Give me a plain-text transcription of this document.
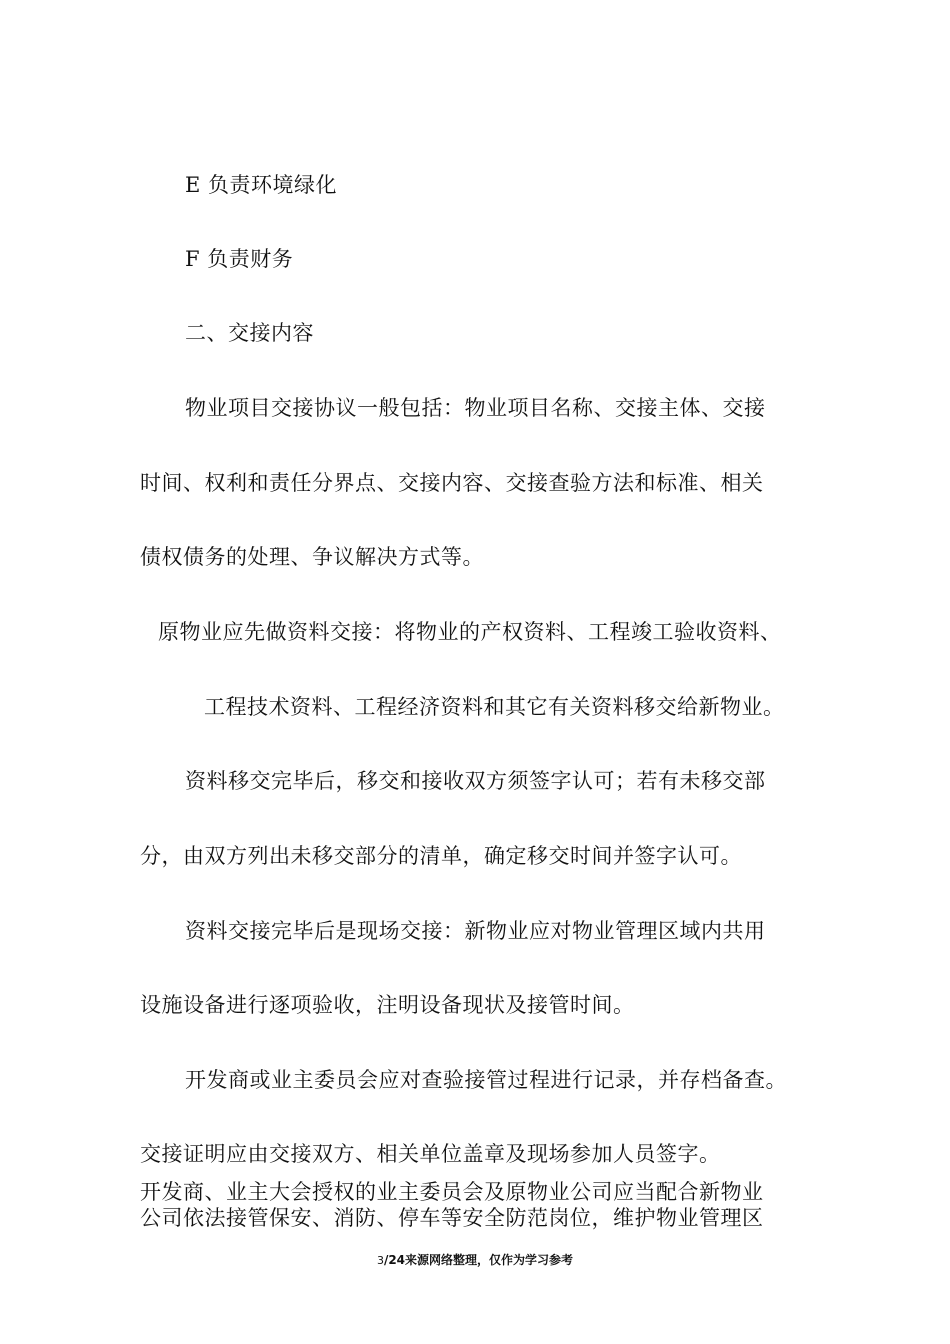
E 负责环境绿化
F 负责财务
二、交接内容
物业项目交接协议一般包括：物业项目名称、交接主体、交接
时间、权利和责任分界点、交接内容、交接查验方法和标准、相关
债权债务的处理、争议解决方式等。
原物业应先做资料交接：将物业的产权资料、工程竣工验收资料、
工程技术资料、工程经济资料和其它有关资料移交给新物业。
资料移交完毕后，移交和接收双方须签字认可；若有未移交部
分，由双方列出未移交部分的清单，确定移交时间并签字认可。
资料交接完毕后是现场交接：新物业应对物业管理区域内共用
设施设备进行逐项验收，注明设备现状及接管时间。
开发商或业主委员会应对查验接管过程进行记录，并存档备查。
交接证明应由交接双方、相关单位盖章及现场参加人员签字。
开发商、业主大会授权的业主委员会及原物业公司应当配合新物业
公司依法接管保安、消防、停车等安全防范岗位，维护物业管理区
3/24来源网络整理，仅作为学习参考
